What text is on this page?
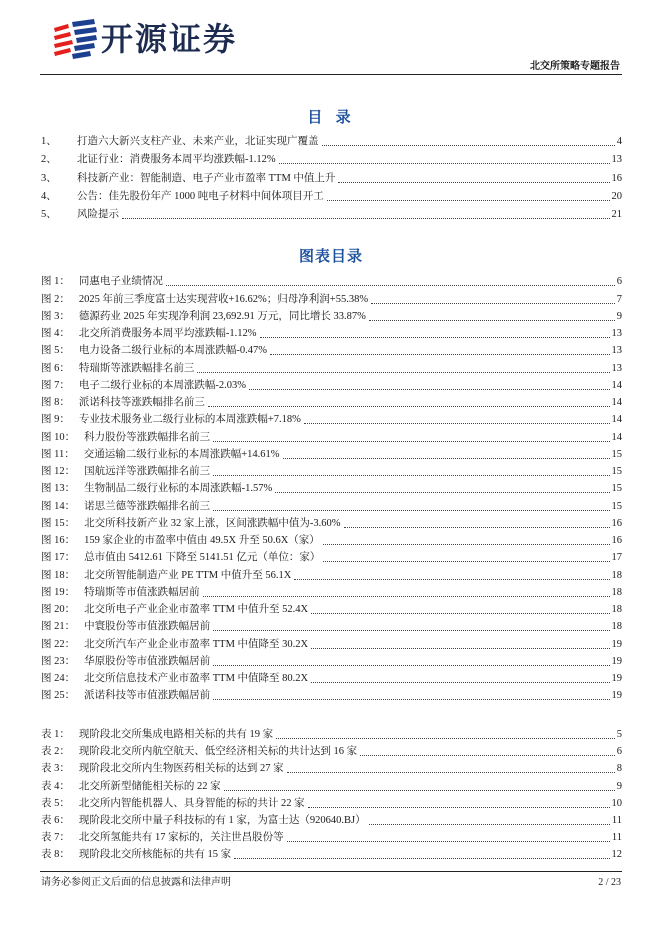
开源证券
北交所策略专题报告
目 录
1、	打造六大新兴支柱产业、未来产业，北证实现广覆盖	4
2、	北证行业：消费服务本周平均涨跌幅-1.12%	13
3、	科技新产业：智能制造、电子产业市盈率 TTM 中值上升	16
4、	公告：佳先股份年产 1000 吨电子材料中间体项目开工	20
5、	风险提示	21
图表目录
图 1： 同惠电子业绩情况	6
图 2： 2025 年前三季度富士达实现营收+16.62%；归母净利润+55.38%	7
图 3： 德源药业 2025 年实现净利润 23,692.91 万元，同比增长 33.87%	9
图 4： 北交所消费服务本周平均涨跌幅-1.12%	13
图 5： 电力设备二级行业标的本周涨跌幅-0.47%	13
图 6： 特瑞斯等涨跌幅排名前三	13
图 7： 电子二级行业标的本周涨跌幅-2.03%	14
图 8： 派诺科技等涨跌幅排名前三	14
图 9： 专业技术服务业二级行业标的本周涨跌幅+7.18%	14
图 10： 科力股份等涨跌幅排名前三	14
图 11： 交通运输二级行业标的本周涨跌幅+14.61%	15
图 12： 国航远洋等涨跌幅排名前三	15
图 13： 生物制品二级行业标的本周涨跌幅-1.57%	15
图 14： 诺思兰德等涨跌幅排名前三	15
图 15： 北交所科技新产业 32 家上涨，区间涨跌幅中值为-3.60%	16
图 16： 159 家企业的市盈率中值由 49.5X 升至 50.6X（家）	16
图 17： 总市值由 5412.61 下降至 5141.51 亿元（单位：家）	17
图 18： 北交所智能制造产业 PE TTM 中值升至 56.1X	18
图 19： 特瑞斯等市值涨跌幅居前	18
图 20： 北交所电子产业企业市盈率 TTM 中值升至 52.4X	18
图 21： 中寰股份等市值涨跌幅居前	18
图 22： 北交所汽车产业企业市盈率 TTM 中值降至 30.2X	19
图 23： 华原股份等市值涨跌幅居前	19
图 24： 北交所信息技术产业市盈率 TTM 中值降至 80.2X	19
图 25： 派诺科技等市值涨跌幅居前	19
表 1： 现阶段北交所集成电路相关标的共有 19 家	5
表 2： 现阶段北交所内航空航天、低空经济相关标的共计达到 16 家	6
表 3： 现阶段北交所内生物医药相关标的达到 27 家	8
表 4： 北交所新型储能相关标的 22 家	9
表 5： 北交所内智能机器人、具身智能的标的共计 22 家	10
表 6： 现阶段北交所中量子科技标的有 1 家，为富士达（920640.BJ）	11
表 7： 北交所氢能共有 17 家标的，关注世昌股份等	11
表 8： 现阶段北交所核能标的共有 15 家	12
请务必参阅正文后面的信息披露和法律声明	2 / 23
